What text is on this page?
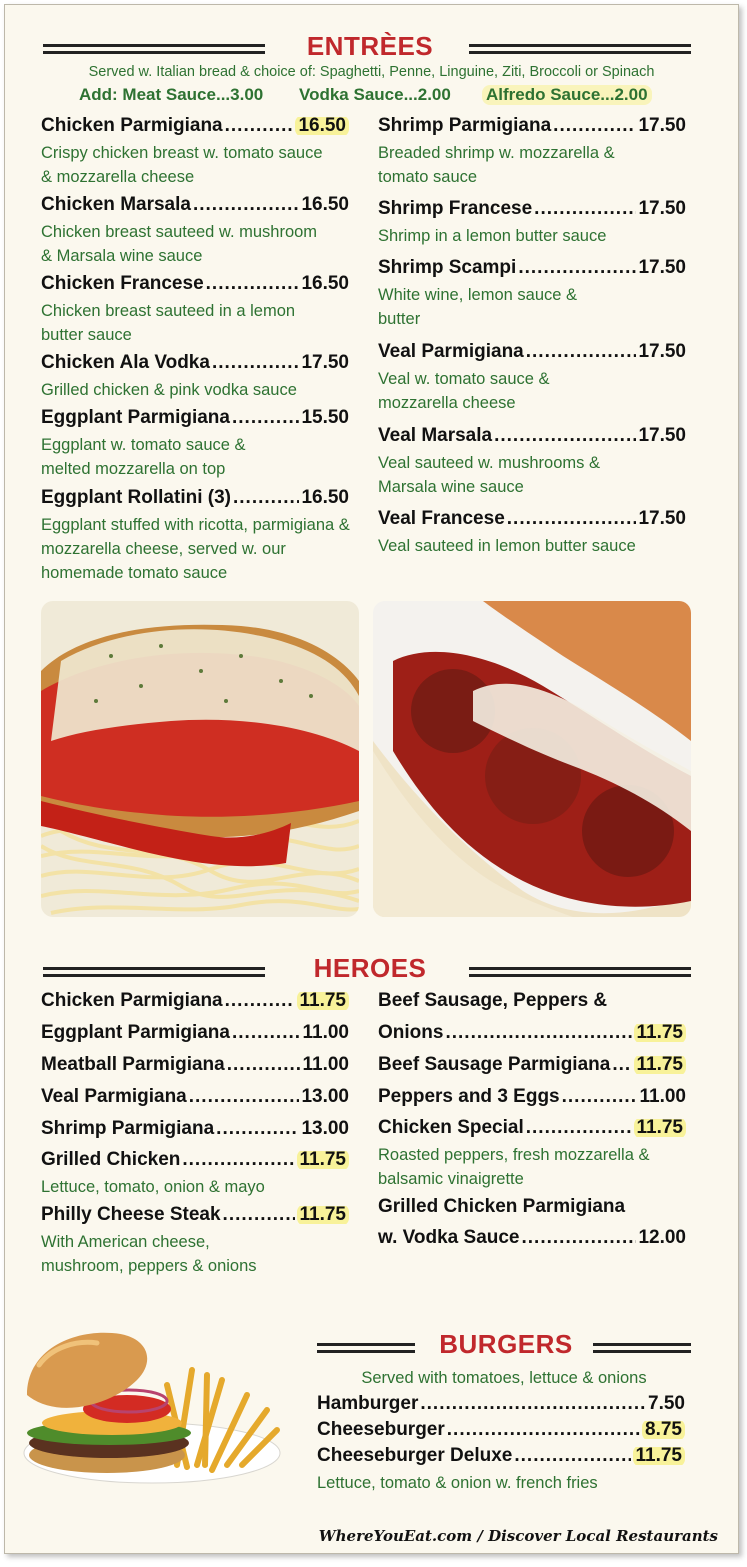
ENTRÈES
Served w. Italian bread & choice of: Spaghetti, Penne, Linguine, Ziti, Broccoli or Spinach
Add: Meat Sauce...3.00 Vodka Sauce...2.00 Alfredo Sauce...2.00
Chicken Parmigiana .....	16.50
Crispy chicken breast w. tomato sauce & mozzarella cheese
Chicken Marsala .....	16.50
Chicken breast sauteed w. mushroom & Marsala wine sauce
Chicken Francese .....	16.50
Chicken breast sauteed in a lemon butter sauce
Chicken Ala Vodka .....	17.50
Grilled chicken & pink vodka sauce
Eggplant Parmigiana .....	15.50
Eggplant w. tomato sauce & melted mozzarella on top
Eggplant Rollatini (3) .....	16.50
Eggplant stuffed with ricotta, parmigiana & mozzarella cheese, served w. our homemade tomato sauce
Shrimp Parmigiana .....	17.50
Breaded shrimp w. mozzarella & tomato sauce
Shrimp Francese .....	17.50
Shrimp in a lemon butter sauce
Shrimp Scampi .....	17.50
White wine, lemon sauce & butter
Veal Parmigiana .....	17.50
Veal w. tomato sauce & mozzarella cheese
Veal Marsala .....	17.50
Veal sauteed w. mushrooms & Marsala wine sauce
Veal Francese .....	17.50
Veal sauteed in lemon butter sauce
HEROES
Chicken Parmigiana .....	11.75
Eggplant Parmigiana .....	11.00
Meatball Parmigiana .....	11.00
Veal Parmigiana .....	13.00
Shrimp Parmigiana .....	13.00
Grilled Chicken .....	11.75
Lettuce, tomato, onion & mayo
Philly Cheese Steak .....	11.75
With American cheese, mushroom, peppers & onions
Beef Sausage, Peppers &
Onions .....	11.75
Beef Sausage Parmigiana ..... 11.75
Peppers and 3 Eggs .....	11.00
Chicken Special .....	11.75
Roasted peppers, fresh mozzarella & balsamic vinaigrette
Grilled Chicken Parmigiana
w. Vodka Sauce .....	12.00
BURGERS
Served with tomatoes, lettuce & onions
Hamburger .....	7.50
Cheeseburger .....	8.75
Cheeseburger Deluxe .....	11.75
Lettuce, tomato & onion w. french fries
WhereYouEat.com / Discover Local Restaurants
